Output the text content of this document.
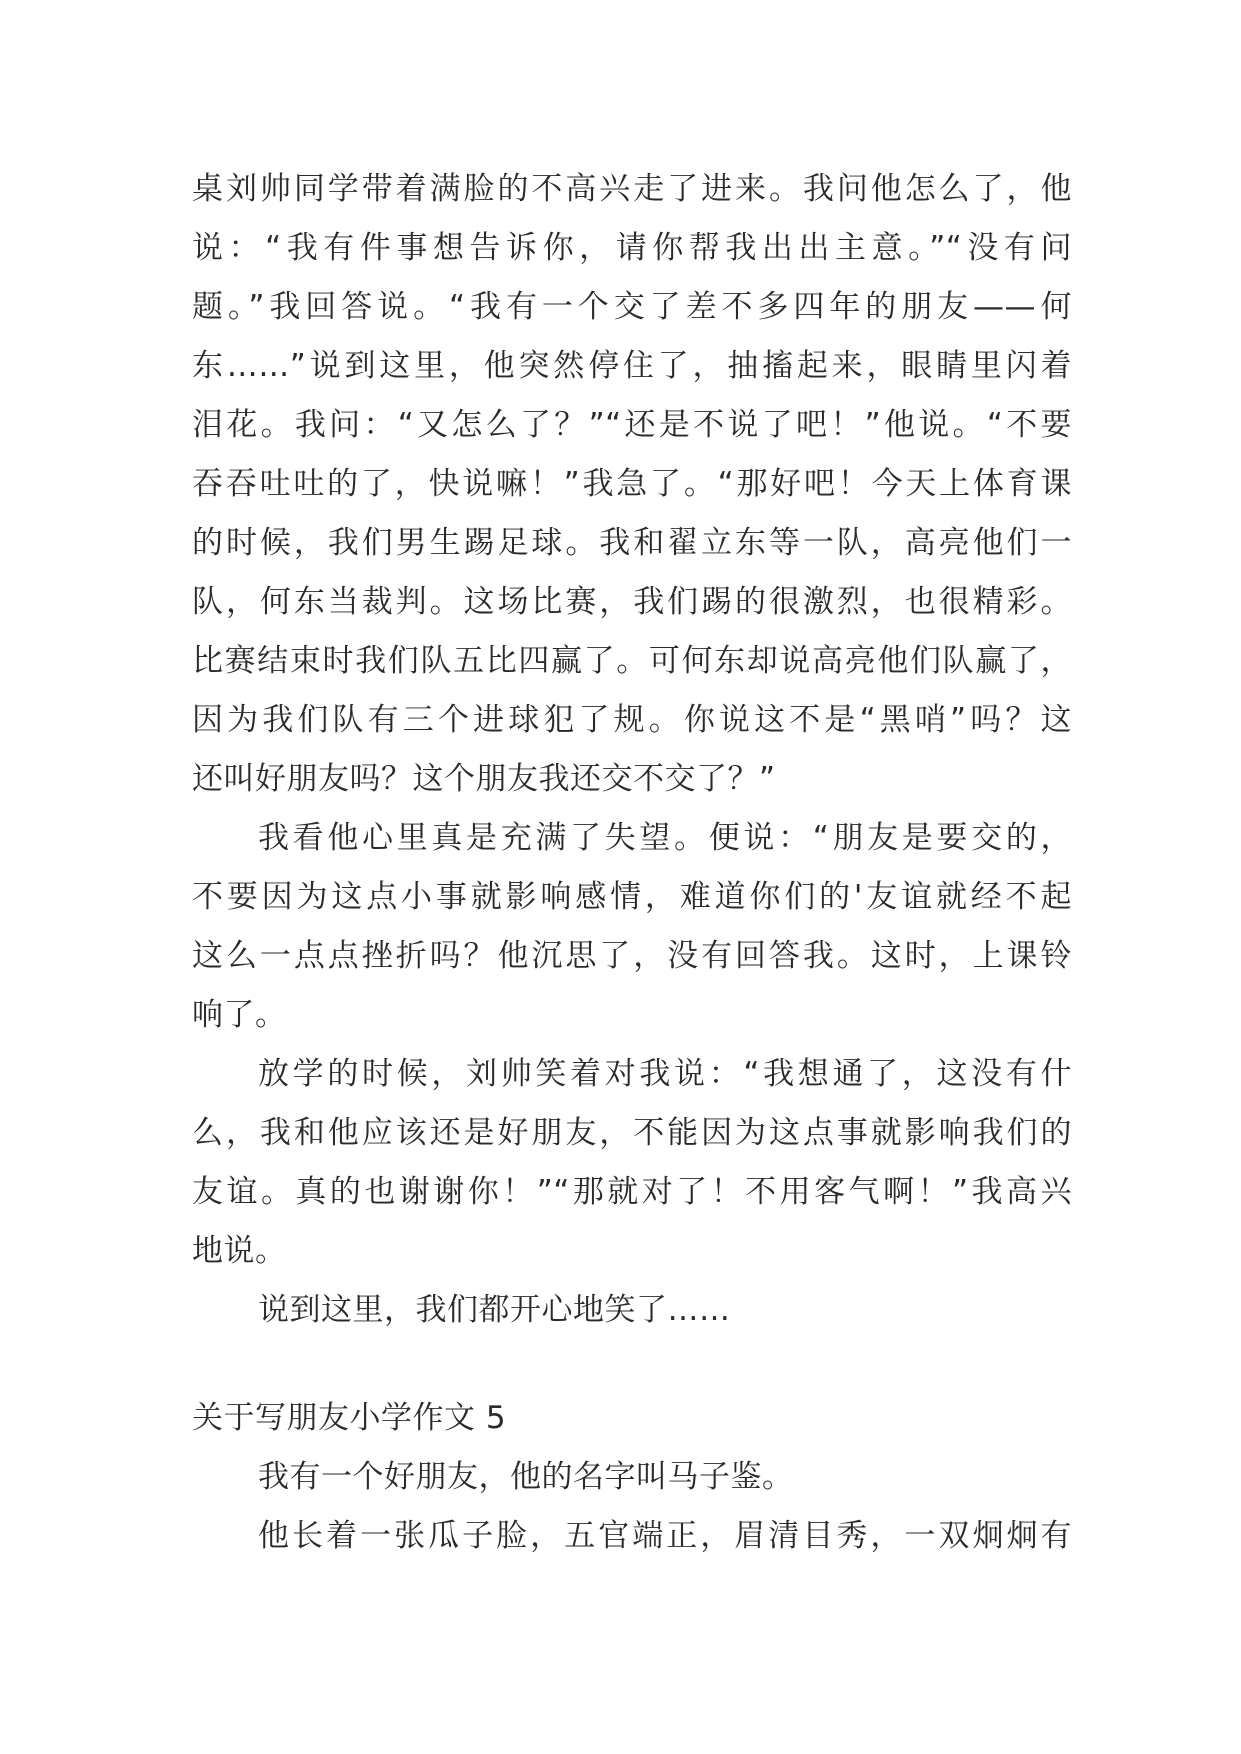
桌刘帅同学带着满脸的不高兴走了进来。我问他怎么了，他
说：“我有件事想告诉你，请你帮我出出主意。”“没有问
题。”我回答说。“我有一个交了差不多四年的朋友——何
东……”说到这里，他突然停住了，抽搐起来，眼睛里闪着
泪花。我问：“又怎么了？”“还是不说了吧！”他说。“不要
吞吞吐吐的了，快说嘛！”我急了。“那好吧！今天上体育课
的时候，我们男生踢足球。我和翟立东等一队，高亮他们一
队，何东当裁判。这场比赛，我们踢的很激烈，也很精彩。
比赛结束时我们队五比四赢了。可何东却说高亮他们队赢了，
因为我们队有三个进球犯了规。你说这不是“黑哨”吗？这
还叫好朋友吗？这个朋友我还交不交了？”
我看他心里真是充满了失望。便说：“朋友是要交的，
不要因为这点小事就影响感情，难道你们的'友谊就经不起
这么一点点挫折吗？他沉思了，没有回答我。这时，上课铃
响了。
放学的时候，刘帅笑着对我说：“我想通了，这没有什
么，我和他应该还是好朋友，不能因为这点事就影响我们的
友谊。真的也谢谢你！”“那就对了！不用客气啊！”我高兴
地说。
说到这里，我们都开心地笑了……
关于写朋友小学作文 5
我有一个好朋友，他的名字叫马子鉴。
他长着一张瓜子脸，五官端正，眉清目秀，一双炯炯有
